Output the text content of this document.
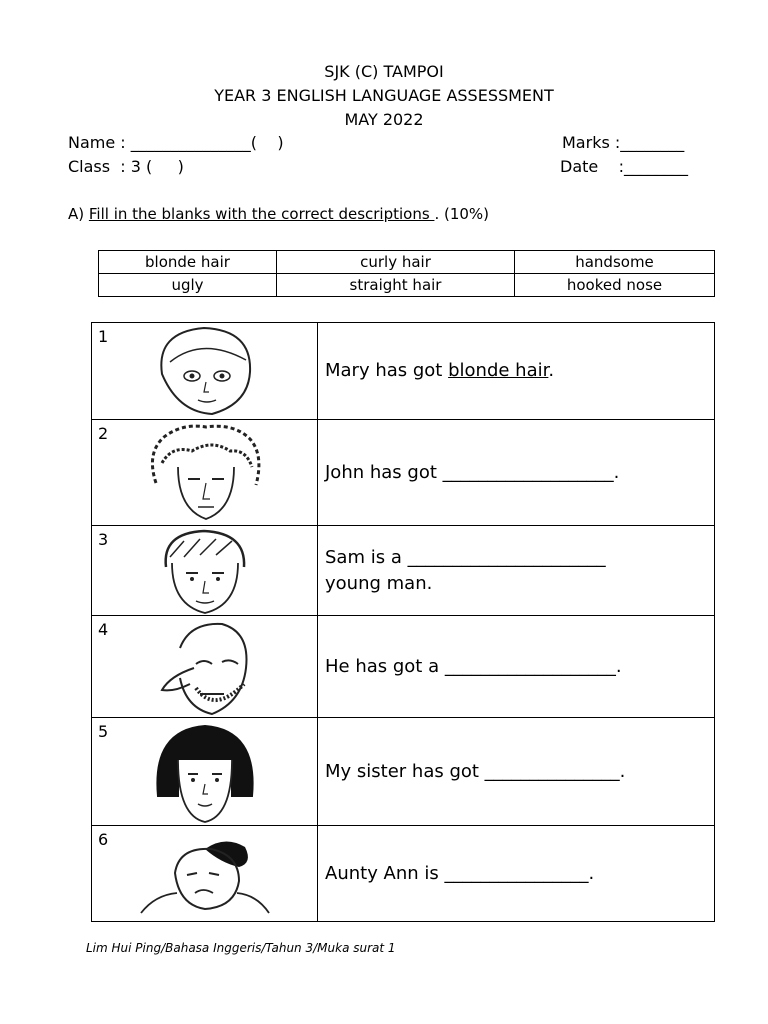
SJK (C) TAMPOI
YEAR 3 ENGLISH LANGUAGE ASSESSMENT
MAY 2022
Name : _______________(    )
Class  : 3 (     )
Marks :________
Date    :________
A) Fill in the blanks with the correct descriptions . (10%)
blonde hair	curly hair	handsome
ugly	straight hair	hooked nose
1	Mary has got blonde hair.

2	John has got ___________________.

3	Sam is a ______________________
young man.

4	He has got a ___________________.

5	My sister has got _______________.

6	Aunty Ann is ________________.
Lim Hui Ping/Bahasa Inggeris/Tahun 3/Muka surat 1
